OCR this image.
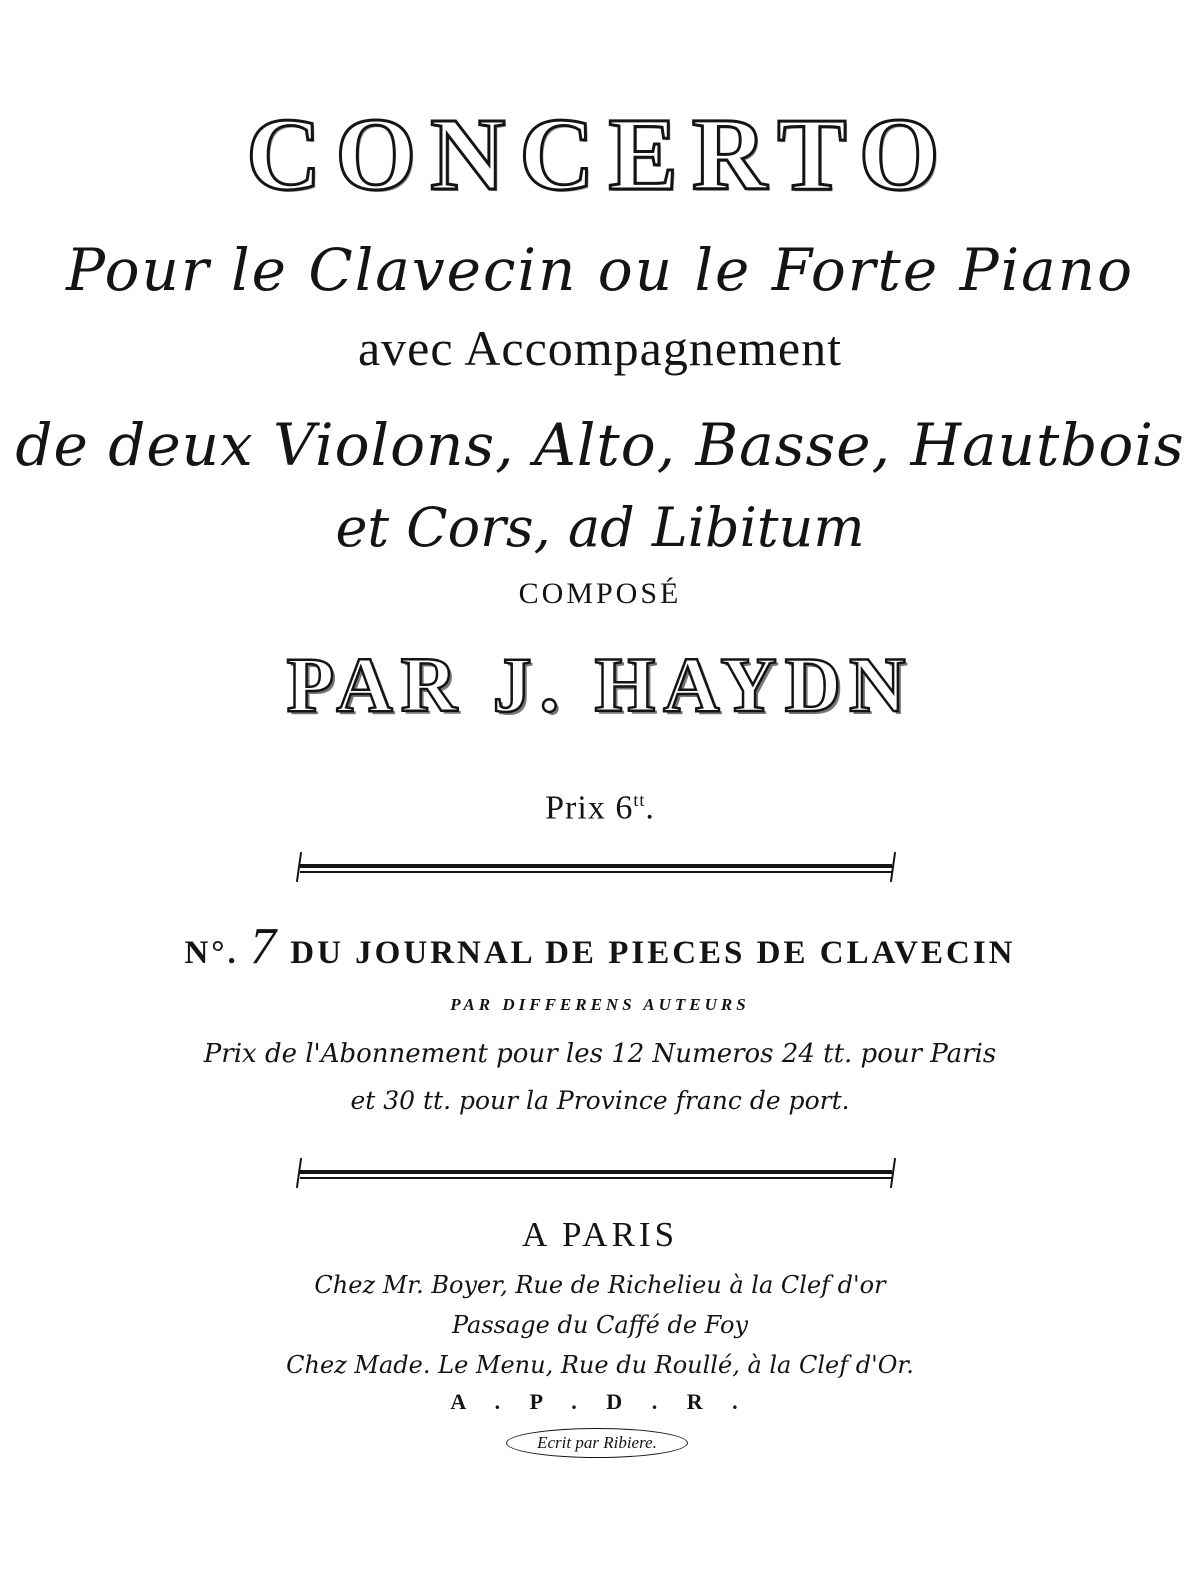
CONCERTO
Pour le Clavecin ou le Forte Piano
avec Accompagnement
de deux Violons, Alto, Basse, Hautbois
et Cors, ad Libitum
COMPOSÉ
PAR J. HAYDN
Prix $6^{tt}$.
N°. 7 DU JOURNAL DE PIECES DE CLAVECIN
PAR DIFFERENS AUTEURS
Prix de l'Abonnement pour les 12 Numeros 24 tt. pour Paris
et 30 tt. pour la Province franc de port.
A PARIS
Chez Mr. Boyer, Rue de Richelieu à la Clef d'or
Passage du Caffé de Foy
Chez Made. Le Menu, Rue du Roullé, à la Clef d'Or.
A . P . D . R .
Ecrit par Ribiere.
